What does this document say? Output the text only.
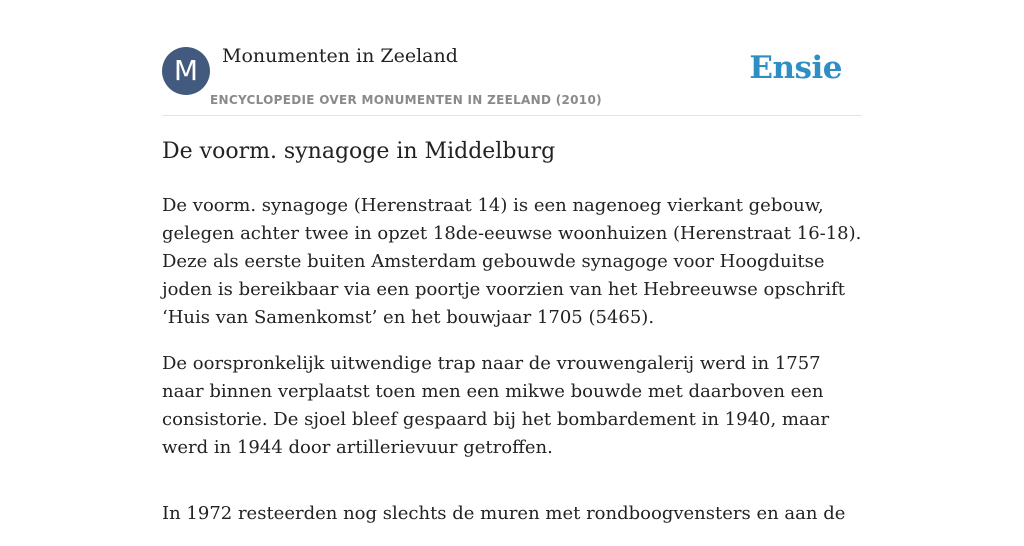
M	Monumenten in Zeeland
ENCYCLOPEDIE OVER MONUMENTEN IN ZEELAND (2010)
Ensie
De voorm. synagoge in Middelburg

De voorm. synagoge (Herenstraat 14) is een nagenoeg vierkant gebouw, gelegen achter twee in opzet 18de-eeuwse woonhuizen (Herenstraat 16-18). Deze als eerste buiten Amsterdam gebouwde synagoge voor Hoogduitse joden is bereikbaar via een poortje voorzien van het Hebreeuwse opschrift ‘Huis van Samenkomst’ en het bouwjaar 1705 (5465).

De oorspronkelijk uitwendige trap naar de vrouwengalerij werd in 1757 naar binnen verplaatst toen men een mikwe bouwde met daarboven een consistorie. De sjoel bleef gespaard bij het bombardement in 1940, maar werd in 1944 door artillerievuur getroffen.

In 1972 resteerden nog slechts de muren met rondboogvensters en aan de
